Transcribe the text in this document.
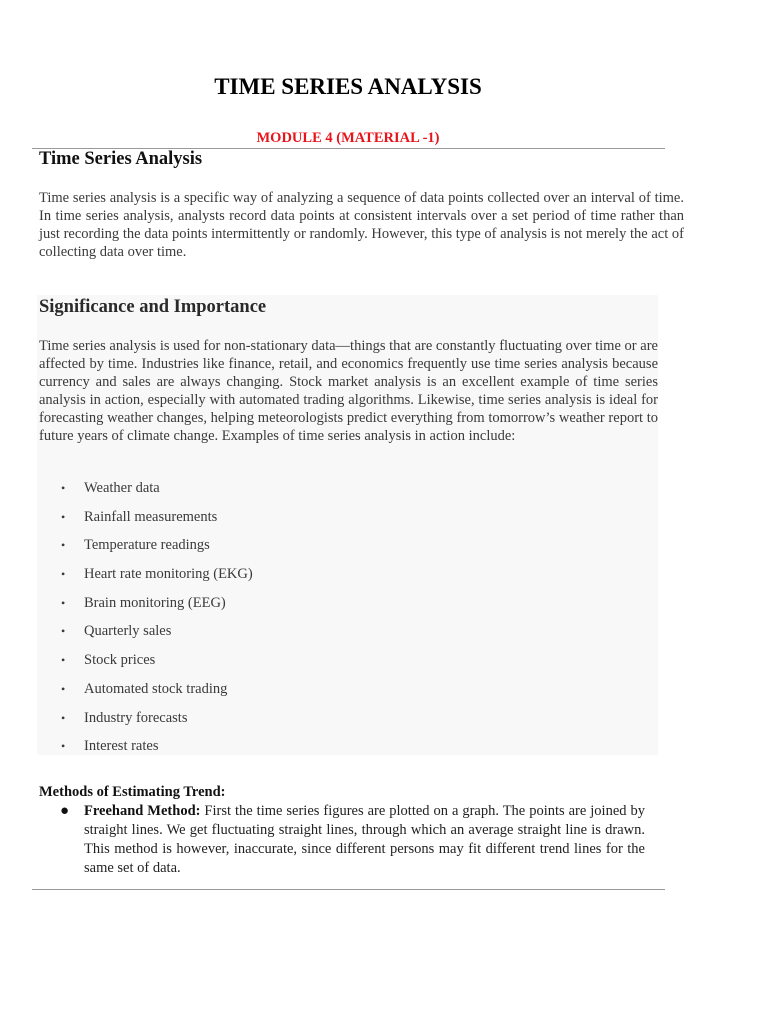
TIME SERIES ANALYSIS

MODULE 4 (MATERIAL -1)

Time Series Analysis

Time series analysis is a specific way of analyzing a sequence of data points collected over an interval of time. In time series analysis, analysts record data points at consistent intervals over a set period of time rather than just recording the data points intermittently or randomly. However, this type of analysis is not merely the act of collecting data over time.

Significance and Importance

Time series analysis is used for non-stationary data—things that are constantly fluctuating over time or are affected by time. Industries like finance, retail, and economics frequently use time series analysis because currency and sales are always changing. Stock market analysis is an excellent example of time series analysis in action, especially with automated trading algorithms. Likewise, time series analysis is ideal for forecasting weather changes, helping meteorologists predict everything from tomorrow’s weather report to future years of climate change. Examples of time series analysis in action include:

• Weather data
• Rainfall measurements
• Temperature readings
• Heart rate monitoring (EKG)
• Brain monitoring (EEG)
• Quarterly sales
• Stock prices
• Automated stock trading
• Industry forecasts
• Interest rates

Methods of Estimating Trend:

● Freehand Method: First the time series figures are plotted on a graph. The points are joined by straight lines. We get fluctuating straight lines, through which an average straight line is drawn. This method is however, inaccurate, since different persons may fit different trend lines for the same set of data.
